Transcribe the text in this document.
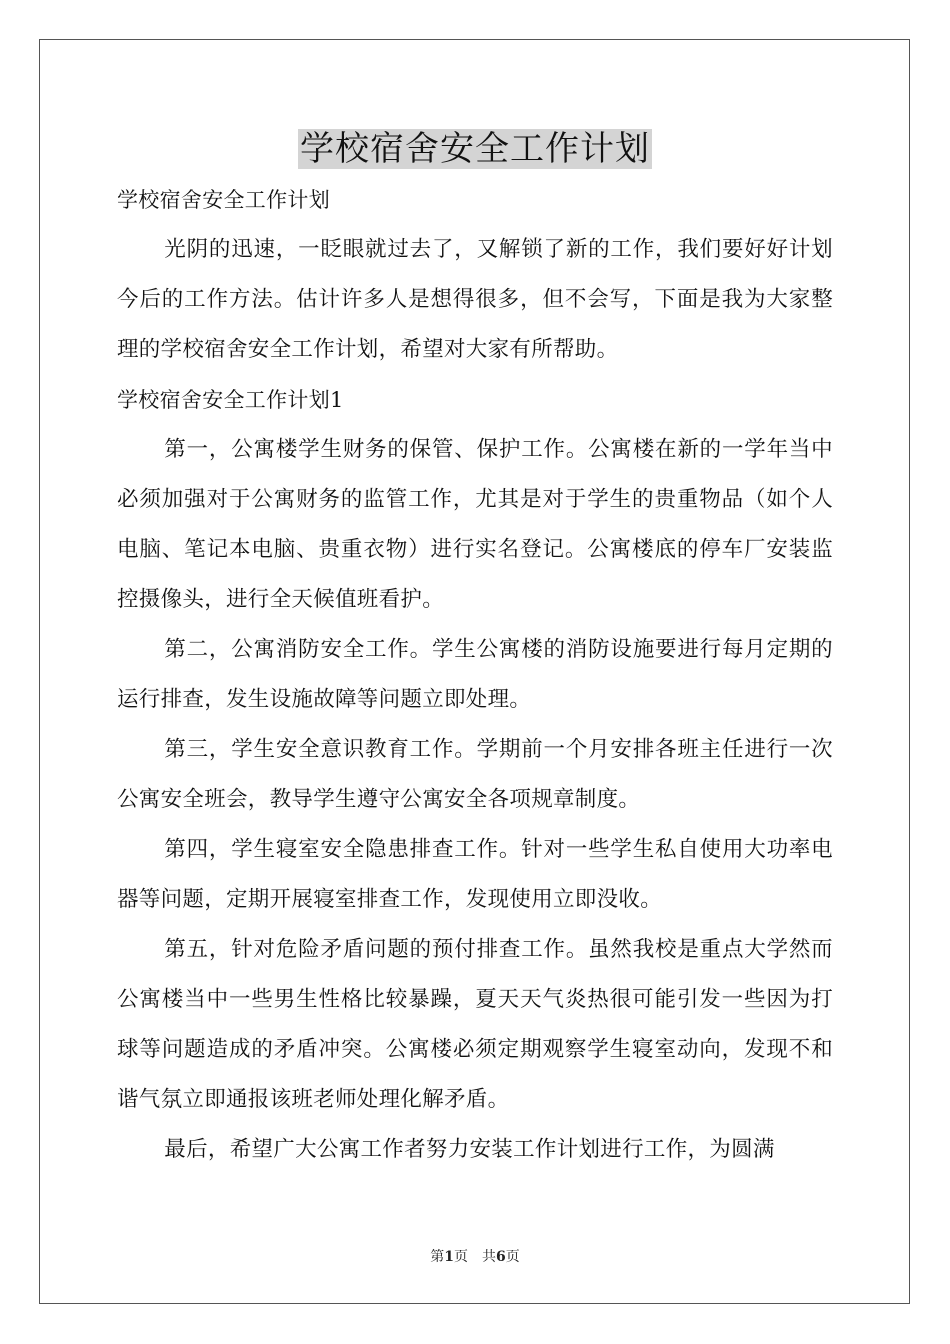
学校宿舍安全工作计划

学校宿舍安全工作计划

光阴的迅速，一眨眼就过去了，又解锁了新的工作，我们要好好计划今后的工作方法。估计许多人是想得很多，但不会写，下面是我为大家整理的学校宿舍安全工作计划，希望对大家有所帮助。

学校宿舍安全工作计划1

第一，公寓楼学生财务的保管、保护工作。公寓楼在新的一学年当中必须加强对于公寓财务的监管工作，尤其是对于学生的贵重物品（如个人电脑、笔记本电脑、贵重衣物）进行实名登记。公寓楼底的停车厂安装监控摄像头，进行全天候值班看护。

第二，公寓消防安全工作。学生公寓楼的消防设施要进行每月定期的运行排查，发生设施故障等问题立即处理。

第三，学生安全意识教育工作。学期前一个月安排各班主任进行一次公寓安全班会，教导学生遵守公寓安全各项规章制度。

第四，学生寝室安全隐患排查工作。针对一些学生私自使用大功率电器等问题，定期开展寝室排查工作，发现使用立即没收。

第五，针对危险矛盾问题的预付排查工作。虽然我校是重点大学然而公寓楼当中一些男生性格比较暴躁，夏天天气炎热很可能引发一些因为打球等问题造成的矛盾冲突。公寓楼必须定期观察学生寝室动向，发现不和谐气氛立即通报该班老师处理化解矛盾。

最后，希望广大公寓工作者努力安装工作计划进行工作，为圆满

第1页　共6页
